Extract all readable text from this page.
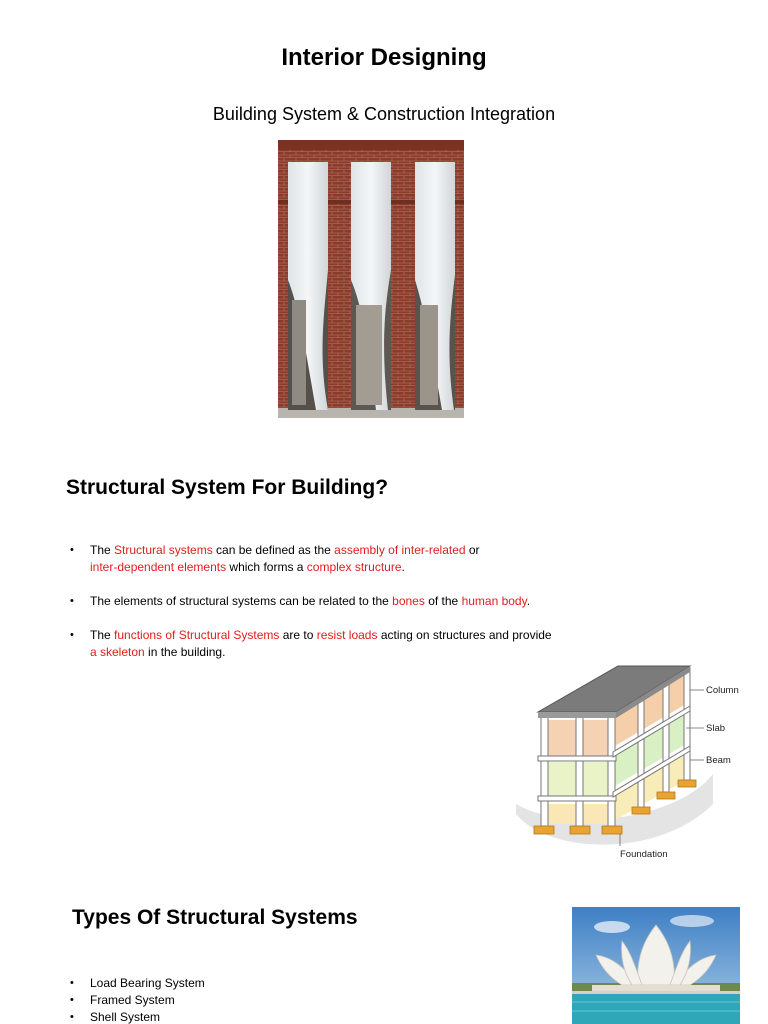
Interior Designing
Building System & Construction Integration
Structural System For Building?
• The Structural systems can be defined as the assembly of inter-related or
inter-dependent elements which forms a complex structure.
• The elements of structural systems can be related to the bones of the human body.
• The functions of Structural Systems are to resist loads acting on structures and provide a skeleton in the building.
Column
Slab
Beam
Foundation
Types Of Structural Systems
• Load Bearing System
• Framed System
• Shell System
